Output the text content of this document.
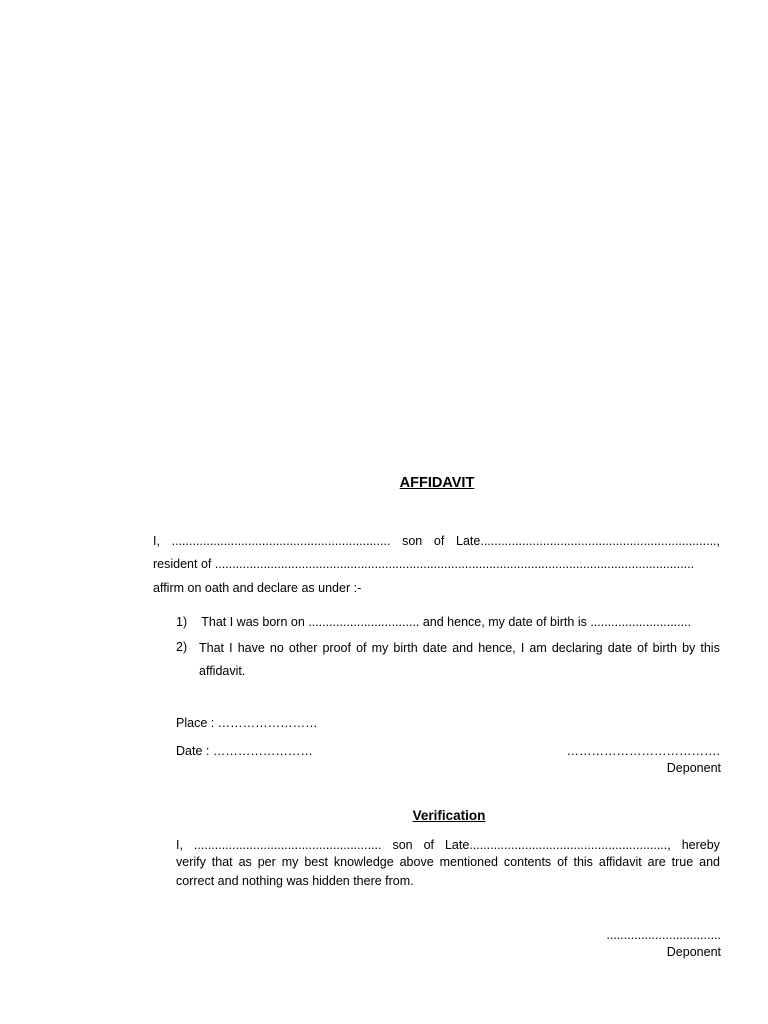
AFFIDAVIT
I, ............................................................... son of Late....................................................................,
resident of ..........................................................................................................................................
affirm on oath and declare as under :-
1) That I was born on ................................ and hence, my date of birth is .............................
2) That I have no other proof of my birth date and hence, I am declaring date of birth by this
affidavit.
Place : ……………………
Date : ……………………	……………………………….
Deponent
Verification
I, ...................................................... son of Late........................................................., hereby
verify that as per my best knowledge above mentioned contents of this affidavit are true and correct and nothing was hidden there from.
.................................
Deponent
